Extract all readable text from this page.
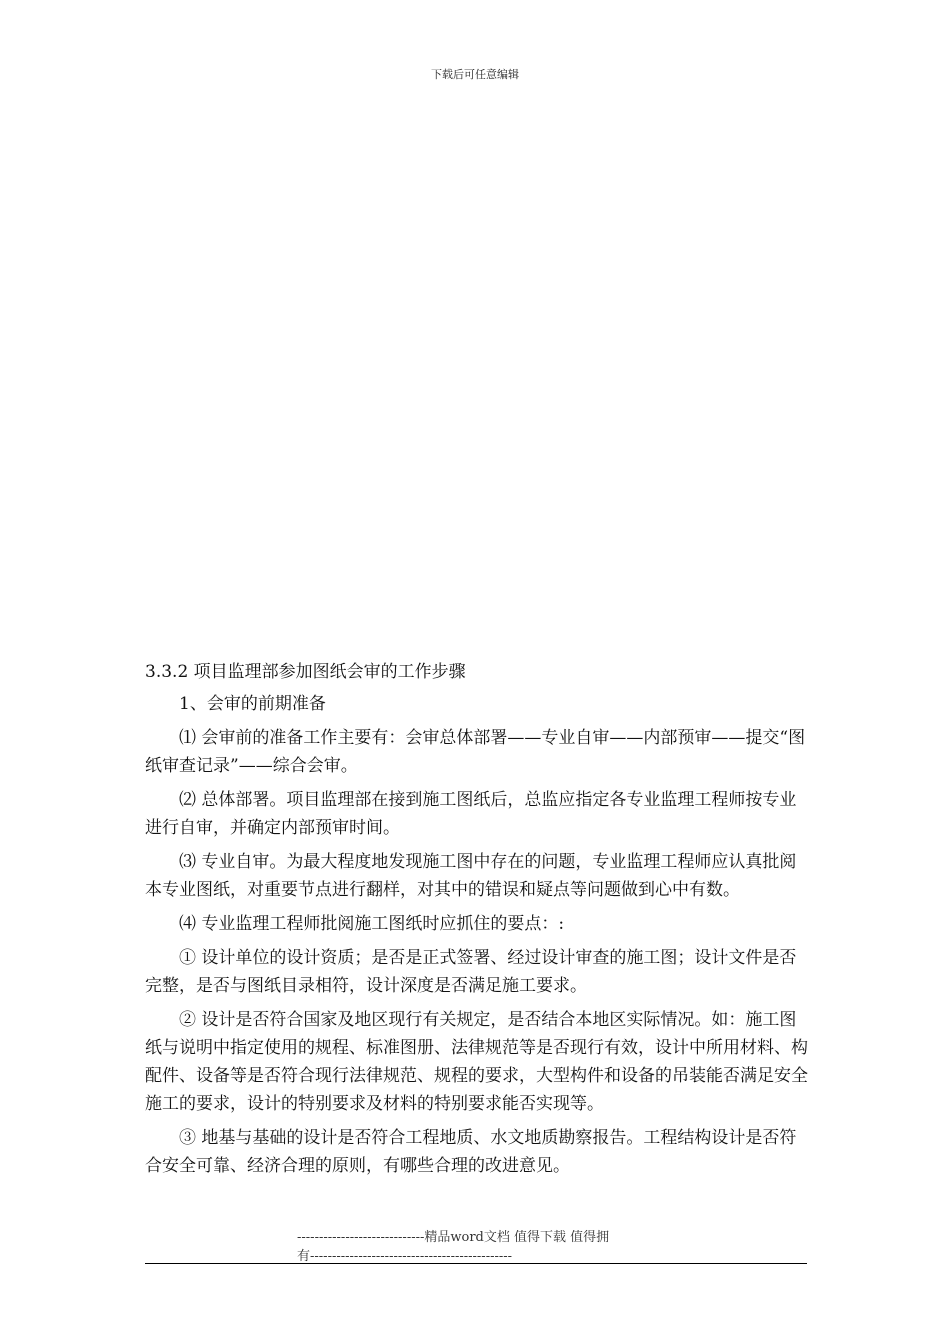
下载后可任意编辑

3.3.2 项目监理部参加图纸会审的工作步骤

1、会审的前期准备

⑴ 会审前的准备工作主要有：会审总体部署——专业自审——内部预审——提交“图纸审查记录”——综合会审。

⑵ 总体部署。项目监理部在接到施工图纸后，总监应指定各专业监理工程师按专业进行自审，并确定内部预审时间。

⑶ 专业自审。为最大程度地发现施工图中存在的问题，专业监理工程师应认真批阅本专业图纸，对重要节点进行翻样，对其中的错误和疑点等问题做到心中有数。

⑷ 专业监理工程师批阅施工图纸时应抓住的要点：:

① 设计单位的设计资质；是否是正式签署、经过设计审查的施工图；设计文件是否完整，是否与图纸目录相符，设计深度是否满足施工要求。

② 设计是否符合国家及地区现行有关规定，是否结合本地区实际情况。如：施工图纸与说明中指定使用的规程、标准图册、法律规范等是否现行有效，设计中所用材料、构配件、设备等是否符合现行法律规范、规程的要求，大型构件和设备的吊装能否满足安全施工的要求，设计的特别要求及材料的特别要求能否实现等。

③ 地基与基础的设计是否符合工程地质、水文地质勘察报告。工程结构设计是否符合安全可靠、经济合理的原则，有哪些合理的改进意见。

-----------------------------精品word文档 值得下载 值得拥
有----------------------------------------------
